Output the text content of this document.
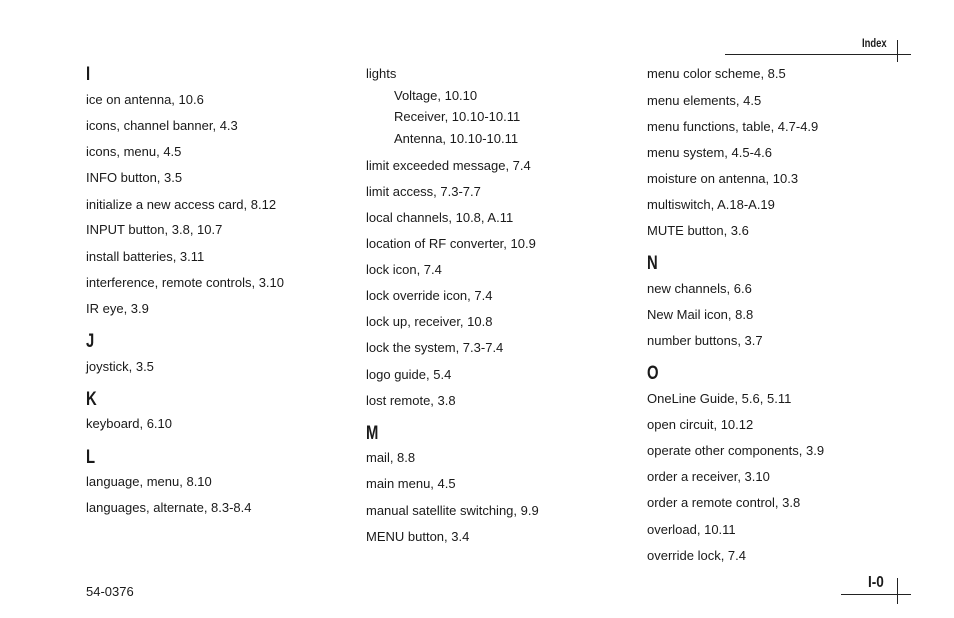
Index
I
ice on antenna, 10.6
icons, channel banner, 4.3
icons, menu, 4.5
INFO button, 3.5
initialize a new access card, 8.12
INPUT button, 3.8, 10.7
install batteries, 3.11
interference, remote controls, 3.10
IR eye, 3.9
J
joystick, 3.5
K
keyboard, 6.10
L
language, menu, 8.10
languages, alternate, 8.3-8.4
lights
Voltage, 10.10
Receiver, 10.10-10.11
Antenna, 10.10-10.11
limit exceeded message, 7.4
limit access, 7.3-7.7
local channels, 10.8, A.11
location of RF converter, 10.9
lock icon, 7.4
lock override icon, 7.4
lock up, receiver, 10.8
lock the system, 7.3-7.4
logo guide, 5.4
lost remote, 3.8
M
mail, 8.8
main menu, 4.5
manual satellite switching, 9.9
MENU button, 3.4
menu color scheme, 8.5
menu elements, 4.5
menu functions, table, 4.7-4.9
menu system, 4.5-4.6
moisture on antenna, 10.3
multiswitch, A.18-A.19
MUTE button, 3.6
N
new channels, 6.6
New Mail icon, 8.8
number buttons, 3.7
O
OneLine Guide, 5.6, 5.11
open circuit, 10.12
operate other components, 3.9
order a receiver, 3.10
order a remote control, 3.8
overload, 10.11
override lock, 7.4
54-0376
I-0
